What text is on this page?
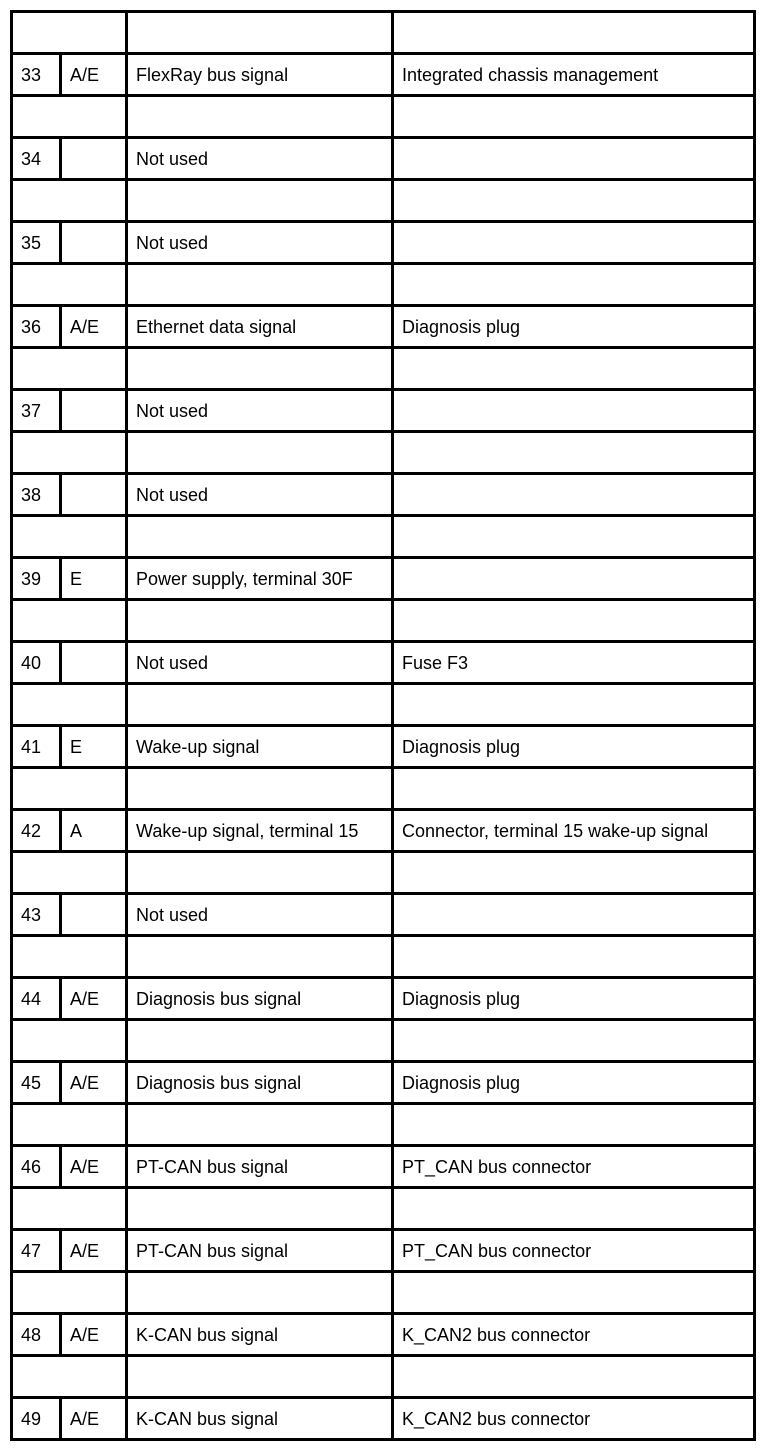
33	A/E	FlexRay bus signal	Integrated chassis management

34		Not used	

35		Not used	

36	A/E	Ethernet data signal	Diagnosis plug

37		Not used	

38		Not used	

39	E	Power supply, terminal 30F	

40		Not used	Fuse F3

41	E	Wake-up signal	Diagnosis plug

42	A	Wake-up signal, terminal 15	Connector, terminal 15 wake-up signal

43		Not used	

44	A/E	Diagnosis bus signal	Diagnosis plug

45	A/E	Diagnosis bus signal	Diagnosis plug

46	A/E	PT-CAN bus signal	PT_CAN bus connector

47	A/E	PT-CAN bus signal	PT_CAN bus connector

48	A/E	K-CAN bus signal	K_CAN2 bus connector

49	A/E	K-CAN bus signal	K_CAN2 bus connector
